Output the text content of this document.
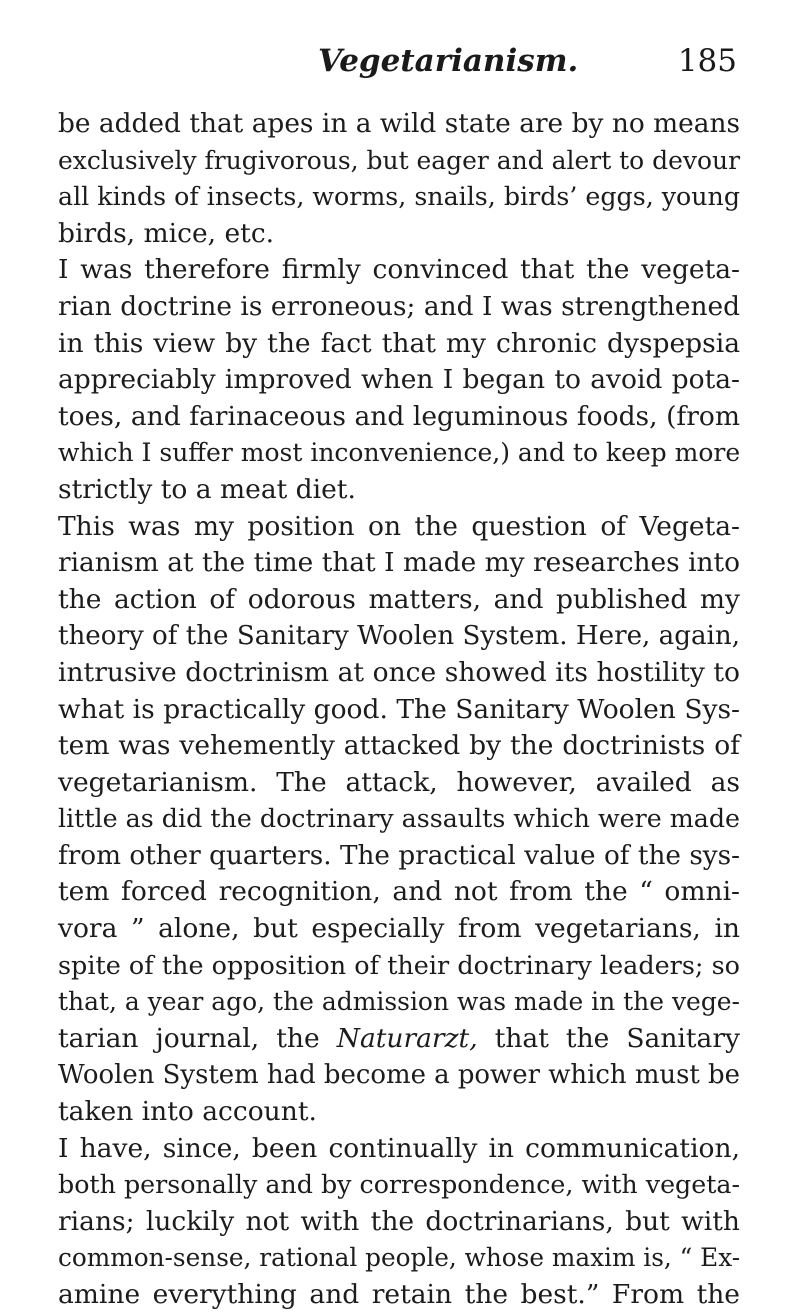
Vegetarianism.	185
be added that apes in a wild state are by no means
exclusively frugivorous, but eager and alert to devour
all kinds of insects, worms, snails, birds’ eggs, young
birds, mice, etc.
I was therefore firmly convinced that the vegeta-
rian doctrine is erroneous; and I was strengthened
in this view by the fact that my chronic dyspepsia
appreciably improved when I began to avoid pota-
toes, and farinaceous and leguminous foods, (from
which I suffer most inconvenience,) and to keep more
strictly to a meat diet.
This was my position on the question of Vegeta-
rianism at the time that I made my researches into
the action of odorous matters, and published my
theory of the Sanitary Woolen System. Here, again,
intrusive doctrinism at once showed its hostility to
what is practically good. The Sanitary Woolen Sys-
tem was vehemently attacked by the doctrinists of
vegetarianism. The attack, however, availed as
little as did the doctrinary assaults which were made
from other quarters. The practical value of the sys-
tem forced recognition, and not from the “ omni-
vora ” alone, but especially from vegetarians, in
spite of the opposition of their doctrinary leaders; so
that, a year ago, the admission was made in the vege-
tarian journal, the Naturarzt, that the Sanitary
Woolen System had become a power which must be
taken into account.
I have, since, been continually in communication,
both personally and by correspondence, with vegeta-
rians; luckily not with the doctrinarians, but with
common-sense, rational people, whose maxim is, “ Ex-
amine everything and retain the best.” From the
